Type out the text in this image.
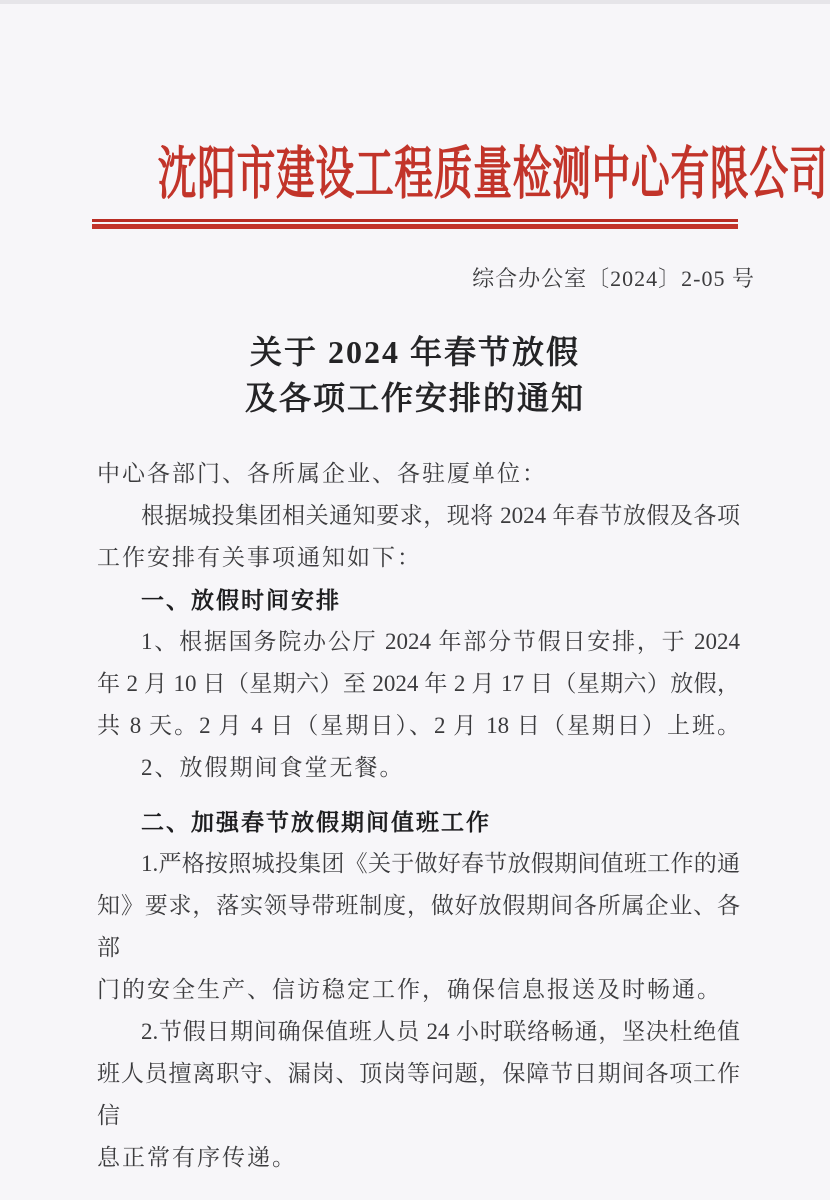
沈阳市建设工程质量检测中心有限公司
综合办公室〔2024〕2-05 号
关于 2024 年春节放假
及各项工作安排的通知
中心各部门、各所属企业、各驻厦单位：
根据城投集团相关通知要求，现将 2024 年春节放假及各项
工作安排有关事项通知如下：
一、放假时间安排
1、根据国务院办公厅 2024 年部分节假日安排，于 2024
年 2 月 10 日（星期六）至 2024 年 2 月 17 日（星期六）放假，
共 8 天。2 月 4 日（星期日）、2 月 18 日（星期日）上班。
2、放假期间食堂无餐。
二、加强春节放假期间值班工作
1.严格按照城投集团《关于做好春节放假期间值班工作的通
知》要求，落实领导带班制度，做好放假期间各所属企业、各部
门的安全生产、信访稳定工作，确保信息报送及时畅通。
2.节假日期间确保值班人员 24 小时联络畅通，坚决杜绝值
班人员擅离职守、漏岗、顶岗等问题，保障节日期间各项工作信
息正常有序传递。
